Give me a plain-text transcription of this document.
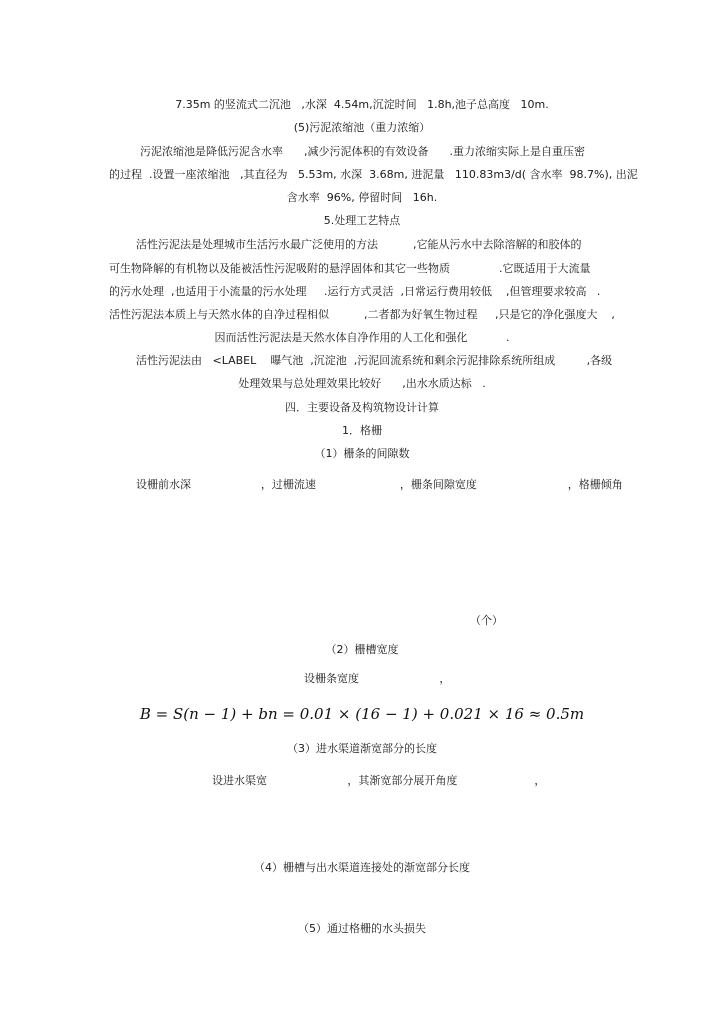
7.35m 的竖流式二沉池   ,水深  4.54m,沉淀时间   1.8h,池子总高度   10m.
(5)污泥浓缩池（重力浓缩）
污泥浓缩池是降低污泥含水率      ,减少污泥体积的有效设备      .重力浓缩实际上是自重压密
的过程  .设置一座浓缩池   ,其直径为   5.53m, 水深  3.68m, 进泥量   110.83m3/d( 含水率  98.7%), 出泥
含水率  96%, 停留时间   16h.
5.处理工艺特点
活性污泥法是处理城市生活污水最广泛使用的方法          ,它能从污水中去除溶解的和胶体的
可生物降解的有机物以及能被活性污泥吸附的悬浮固体和其它一些物质              .它既适用于大流量
的污水处理  ,也适用于小流量的污水处理     .运行方式灵活  ,日常运行费用较低    ,但管理要求较高   .
活性污泥法本质上与天然水体的自净过程相似          ,二者都为好氧生物过程     ,只是它的净化强度大    ,
因而活性污泥法是天然水体自净作用的人工化和强化           .
活性污泥法由   <LABEL    曝气池  ,沉淀池  ,污泥回流系统和剩余污泥排除系统所组成         ,各级
处理效果与总处理效果比较好      ,出水水质达标   .
四．主要设备及构筑物设计计算
1．格栅
（1）栅条的间隙数
设栅前水深                    ，过栅流速                        ，栅条间隙宽度                          ，格栅倾角
（个）
（2）栅槽宽度
设栅条宽度                       ，
B = S(n − 1) + bn = 0.01 × (16 − 1) + 0.021 × 16 ≈ 0.5m
（3）进水渠道渐宽部分的长度
设进水渠宽                       ，其渐宽部分展开角度                      ，
（4）栅槽与出水渠道连接处的渐宽部分长度
（5）通过格栅的水头损失
